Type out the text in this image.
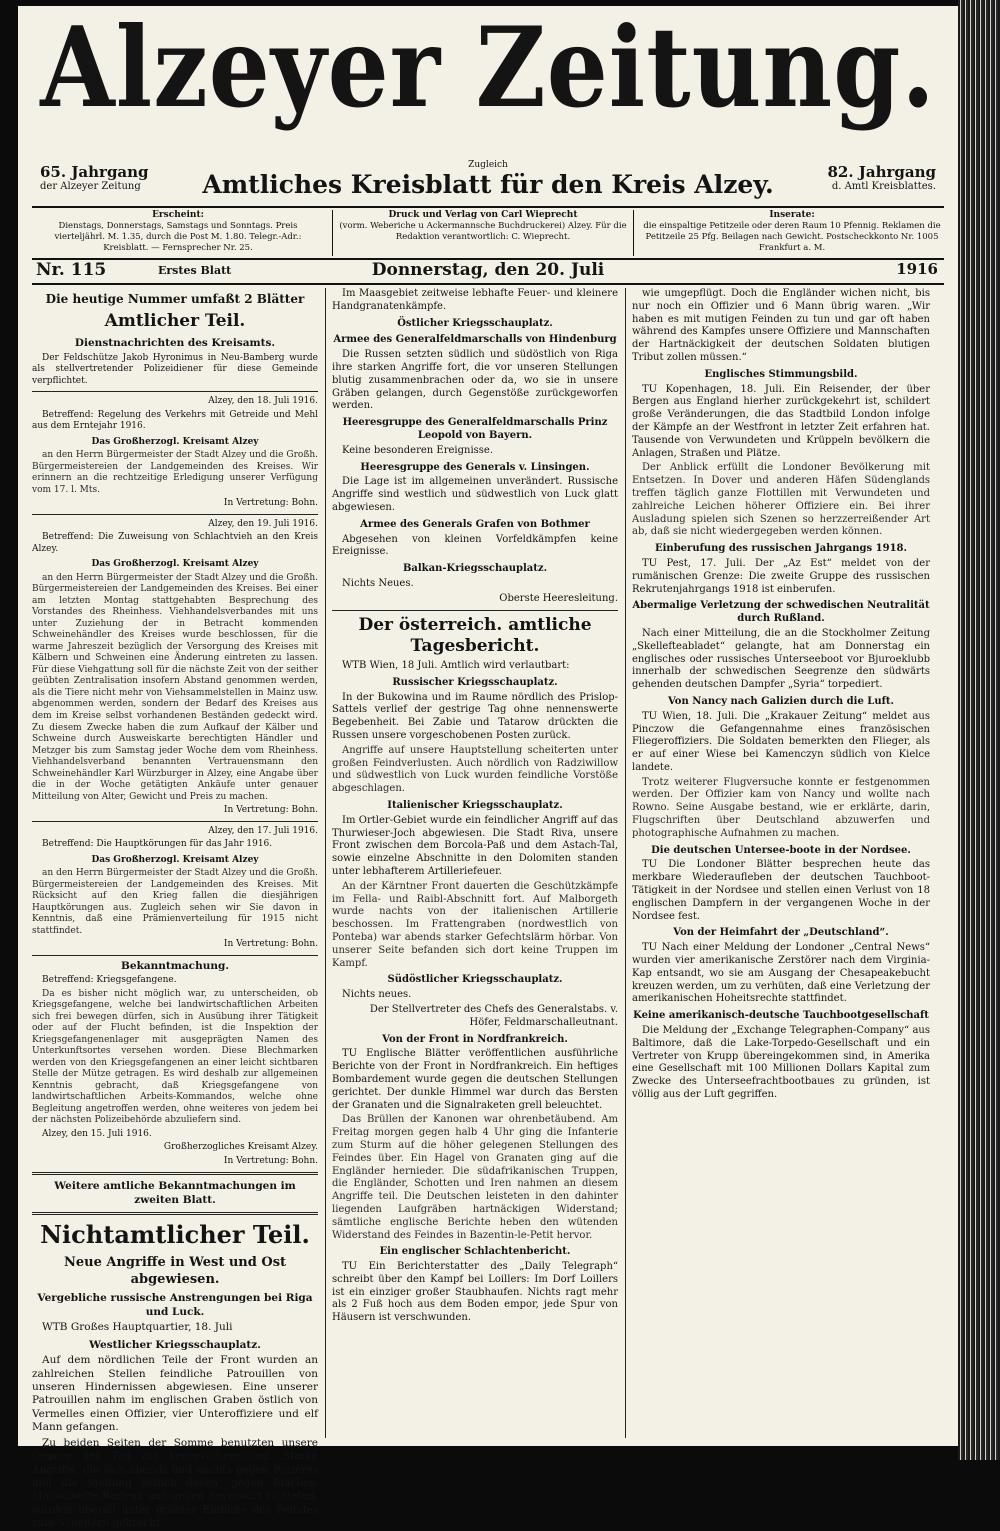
Alzeyer Zeitung.
65. Jahrgang
der Alzeyer Zeitung
Zugleich
Amtliches Kreisblatt für den Kreis Alzey.	82. Jahrgang
d. Amtl Kreisblattes.
Erscheint:
Dienstags, Donnerstags, Samstags und Sonntags. Preis vierteljährl. M. 1.35, durch die Post M. 1.80. Telegr.-Adr.: Kreisblatt. — Fernsprecher Nr. 25.
Druck und Verlag von Carl Wieprecht
(vorm. Weberiche u Ackermannsche Buchdruckerei) Alzey. Für die Redaktion verantwortlich: C. Wieprecht.
Inserate:
die einspaltige Petitzeile oder deren Raum 10 Pfennig. Reklamen die Petitzeile 25 Pfg. Beilagen nach Gewicht. Postscheckkonto Nr. 1005 Frankfurt a. M.
Nr. 115	Erstes Blatt	Donnerstag, den 20. Juli	1916
Die heutige Nummer umfaßt 2 Blätter
Amtlicher Teil.
Dienstnachrichten des Kreisamts.

Der Feldschütze Jakob Hyronimus in Neu-Bamberg wurde als stellvertretender Polizeidiener für diese Gemeinde verpflichtet.

Alzey, den 18. Juli 1916.

Betreffend: Regelung des Verkehrs mit Getreide und Mehl aus dem Erntejahr 1916.

Das Großherzogl. Kreisamt Alzey

an den Herrn Bürgermeister der Stadt Alzey und die Großh. Bürgermeistereien der Landgemeinden des Kreises. Wir erinnern an die rechtzeitige Erledigung unserer Verfügung vom 17. l. Mts.

In Vertretung: Bohn.

Alzey, den 19. Juli 1916.

Betreffend: Die Zuweisung von Schlachtvieh an den Kreis Alzey.

Das Großherzogl. Kreisamt Alzey

an den Herrn Bürgermeister der Stadt Alzey und die Großh. Bürgermeistereien der Landgemeinden des Kreises. Bei einer am letzten Montag stattgehabten Besprechung des Vorstandes des Rheinhess. Viehhandelsverbandes mit uns unter Zuziehung der in Betracht kommenden Schweinehändler des Kreises wurde beschlossen, für die warme Jahreszeit bezüglich der Versorgung des Kreises mit Kälbern und Schweinen eine Änderung eintreten zu lassen. Für diese Viehgattung soll für die nächste Zeit von der seither geübten Zentralisation insofern Abstand genommen werden, als die Tiere nicht mehr von Viehsammelstellen in Mainz usw. abgenommen werden, sondern der Bedarf des Kreises aus dem im Kreise selbst vorhandenen Beständen gedeckt wird. Zu diesem Zwecke haben die zum Aufkauf der Kälber und Schweine durch Ausweiskarte berechtigten Händler und Metzger bis zum Samstag jeder Woche dem vom Rheinhess. Viehhandelsverband benannten Vertrauensmann den Schweinehändler Karl Würzburger in Alzey, eine Angabe über die in der Woche getätigten Ankäufe unter genauer Mitteilung von Alter, Gewicht und Preis zu machen.

In Vertretung: Bohn.

Alzey, den 17. Juli 1916.

Betreffend: Die Hauptkörungen für das Jahr 1916.

Das Großherzogl. Kreisamt Alzey

an den Herrn Bürgermeister der Stadt Alzey und die Großh. Bürgermeistereien der Landgemeinden des Kreises. Mit Rücksicht auf den Krieg fallen die diesjährigen Hauptkörungen aus. Zugleich sehen wir Sie davon in Kenntnis, daß eine Prämienverteilung für 1915 nicht stattfindet.

In Vertretung: Bohn.

Bekanntmachung.

Betreffend: Kriegsgefangene.

Da es bisher nicht möglich war, zu unterscheiden, ob Kriegsgefangene, welche bei landwirtschaftlichen Arbeiten sich frei bewegen dürfen, sich in Ausübung ihrer Tätigkeit oder auf der Flucht befinden, ist die Inspektion der Kriegsgefangenenlager mit ausgeprägten Namen des Unterkunftsortes versehen worden. Diese Blechmarken werden von den Kriegsgefangenen an einer leicht sichtbaren Stelle der Mütze getragen. Es wird deshalb zur allgemeinen Kenntnis gebracht, daß Kriegsgefangene von landwirtschaftlichen Arbeits-Kommandos, welche ohne Begleitung angetroffen werden, ohne weiteres von jedem bei der nächsten Polizeibehörde abzuliefern sind.

Alzey, den 15. Juli 1916.

Großherzogliches Kreisamt Alzey.

In Vertretung: Bohn.

Weitere amtliche Bekanntmachungen im zweiten Blatt.
Nichtamtlicher Teil.
Neue Angriffe in West und Ost abgewiesen.
Vergebliche russische Anstrengungen bei Riga und Luck.

WTB Großes Hauptquartier, 18. Juli

Westlicher Kriegsschauplatz.

Auf dem nördlichen Teile der Front wurden an zahlreichen Stellen feindliche Patrouillen von unseren Hindernissen abgewiesen. Eine unserer Patrouillen nahm im englischen Graben östlich von Vermelles einen Offizier, vier Unteroffiziere und elf Mann gefangen.

Zu beiden Seiten der Somme benutzten unsere Gegner den Tag zur Feuervorbereitung. Starke Angriffe, die sich abends und nachts gegen Pozières und die Stellung östlich davon, gegen Biaches-Maisonnette-Barleux und gegen Soyecourt richteten, wurden überall unter größter Einbuße des Feindes zum Scheitern gebracht.

Im Maasgebiet zeitweise lebhafte Feuer- und kleinere Handgranatenkämpfe.

Östlicher Kriegsschauplatz.
Armee des Generalfeldmarschalls von Hindenburg

Die Russen setzten südlich und südöstlich von Riga ihre starken Angriffe fort, die vor unseren Stellungen blutig zusammenbrachen oder da, wo sie in unsere Gräben gelangen, durch Gegenstöße zurückgeworfen werden.

Heeresgruppe des Generalfeldmarschalls Prinz Leopold von Bayern.

Keine besonderen Ereignisse.

Heeresgruppe des Generals v. Linsingen.

Die Lage ist im allgemeinen unverändert. Russische Angriffe sind westlich und südwestlich von Luck glatt abgewiesen.

Armee des Generals Grafen von Bothmer

Abgesehen von kleinen Vorfeldkämpfen keine Ereignisse.

Balkan-Kriegsschauplatz.

Nichts Neues.

Oberste Heeresleitung.

Der österreich. amtliche Tagesbericht.

WTB Wien, 18 Juli. Amtlich wird verlautbart:

Russischer Kriegsschauplatz.

In der Bukowina und im Raume nördlich des Prislop-Sattels verlief der gestrige Tag ohne nennenswerte Begebenheit. Bei Zabie und Tatarow drückten die Russen unsere vorgeschobenen Posten zurück.

Angriffe auf unsere Hauptstellung scheiterten unter großen Feindverlusten. Auch nördlich von Radziwillow und südwestlich von Luck wurden feindliche Vorstöße abgeschlagen.

Italienischer Kriegsschauplatz.

Im Ortler-Gebiet wurde ein feindlicher Angriff auf das Thurwieser-Joch abgewiesen. Die Stadt Riva, unsere Front zwischen dem Borcola-Paß und dem Astach-Tal, sowie einzelne Abschnitte in den Dolomiten standen unter lebhafterem Artilleriefeuer.

An der Kärntner Front dauerten die Geschützkämpfe im Fella- und Raibl-Abschnitt fort. Auf Malborgeth wurde nachts von der italienischen Artillerie beschossen. Im Frattengraben (nordwestlich von Ponteba) war abends starker Gefechtslärm hörbar. Von unserer Seite befanden sich dort keine Truppen im Kampf.

Südöstlicher Kriegsschauplatz.

Nichts neues.

Der Stellvertreter des Chefs des Generalstabs. v. Höfer, Feldmarschalleutnant.

Von der Front in Nordfrankreich.

TU Englische Blätter veröffentlichen ausführliche Berichte von der Front in Nordfrankreich. Ein heftiges Bombardement wurde gegen die deutschen Stellungen gerichtet. Der dunkle Himmel war durch das Bersten der Granaten und die Signalraketen grell beleuchtet.

Das Brüllen der Kanonen war ohrenbetäubend. Am Freitag morgen gegen halb 4 Uhr ging die Infanterie zum Sturm auf die höher gelegenen Stellungen des Feindes über. Ein Hagel von Granaten ging auf die Engländer hernieder. Die südafrikanischen Truppen, die Engländer, Schotten und Iren nahmen an diesem Angriffe teil. Die Deutschen leisteten in den dahinter liegenden Laufgräben hartnäckigen Widerstand; sämtliche englische Berichte heben den wütenden Widerstand des Feindes in Bazentin-le-Petit hervor.

Ein englischer Schlachtenbericht.

TU Ein Berichterstatter des „Daily Telegraph“ schreibt über den Kampf bei Loillers: Im Dorf Loillers ist ein einziger großer Staubhaufen. Nichts ragt mehr als 2 Fuß hoch aus dem Boden empor, jede Spur von Häusern ist verschwunden.

wie umgepflügt. Doch die Engländer wichen nicht, bis nur noch ein Offizier und 6 Mann übrig waren. „Wir haben es mit mutigen Feinden zu tun und gar oft haben während des Kampfes unsere Offiziere und Mannschaften der Hartnäckigkeit der deutschen Soldaten blutigen Tribut zollen müssen.“

Englisches Stimmungsbild.

TU Kopenhagen, 18. Juli. Ein Reisender, der über Bergen aus England hierher zurückgekehrt ist, schildert große Veränderungen, die das Stadtbild London infolge der Kämpfe an der Westfront in letzter Zeit erfahren hat. Tausende von Verwundeten und Krüppeln bevölkern die Anlagen, Straßen und Plätze.

Der Anblick erfüllt die Londoner Bevölkerung mit Entsetzen. In Dover und anderen Häfen Südenglands treffen täglich ganze Flottillen mit Verwundeten und zahlreiche Leichen höherer Offiziere ein. Bei ihrer Ausladung spielen sich Szenen so herzzerreißender Art ab, daß sie nicht wiedergegeben werden können.

Einberufung des russischen Jahrgangs 1918.

TU Pest, 17. Juli. Der „Az Est“ meldet von der rumänischen Grenze: Die zweite Gruppe des russischen Rekrutenjahrgangs 1918 ist einberufen.

Abermalige Verletzung der schwedischen Neutralität durch Rußland.

Nach einer Mitteilung, die an die Stockholmer Zeitung „Skellefteabladet“ gelangte, hat am Donnerstag ein englisches oder russisches Unterseeboot vor Bjuroeklubb innerhalb der schwedischen Seegrenze den südwärts gehenden deutschen Dampfer „Syria“ torpediert.

Von Nancy nach Galizien durch die Luft.

TU Wien, 18. Juli. Die „Krakauer Zeitung“ meldet aus Pinczow die Gefangennahme eines französischen Fliegeroffiziers. Die Soldaten bemerkten den Flieger, als er auf einer Wiese bei Kamenczyn südlich von Kielce landete.

Trotz weiterer Flugversuche konnte er festgenommen werden. Der Offizier kam von Nancy und wollte nach Rowno. Seine Ausgabe bestand, wie er erklärte, darin, Flugschriften über Deutschland abzuwerfen und photographische Aufnahmen zu machen.

Die deutschen Untersee-boote in der Nordsee.

TU Die Londoner Blätter besprechen heute das merkbare Wiederaufleben der deutschen Tauchboot-Tätigkeit in der Nordsee und stellen einen Verlust von 18 englischen Dampfern in der vergangenen Woche in der Nordsee fest.

Von der Heimfahrt der „Deutschland“.

TU Nach einer Meldung der Londoner „Central News“ wurden vier amerikanische Zerstörer nach dem Virginia-Kap entsandt, wo sie am Ausgang der Chesapeakebucht kreuzen werden, um zu verhüten, daß eine Verletzung der amerikanischen Hoheitsrechte stattfindet.

Keine amerikanisch-deutsche Tauchbootgesellschaft

Die Meldung der „Exchange Telegraphen-Company“ aus Baltimore, daß die Lake-Torpedo-Gesellschaft und ein Vertreter von Krupp übereingekommen sind, in Amerika eine Gesellschaft mit 100 Millionen Dollars Kapital zum Zwecke des Unterseefrachtbootbaues zu gründen, ist völlig aus der Luft gegriffen.
